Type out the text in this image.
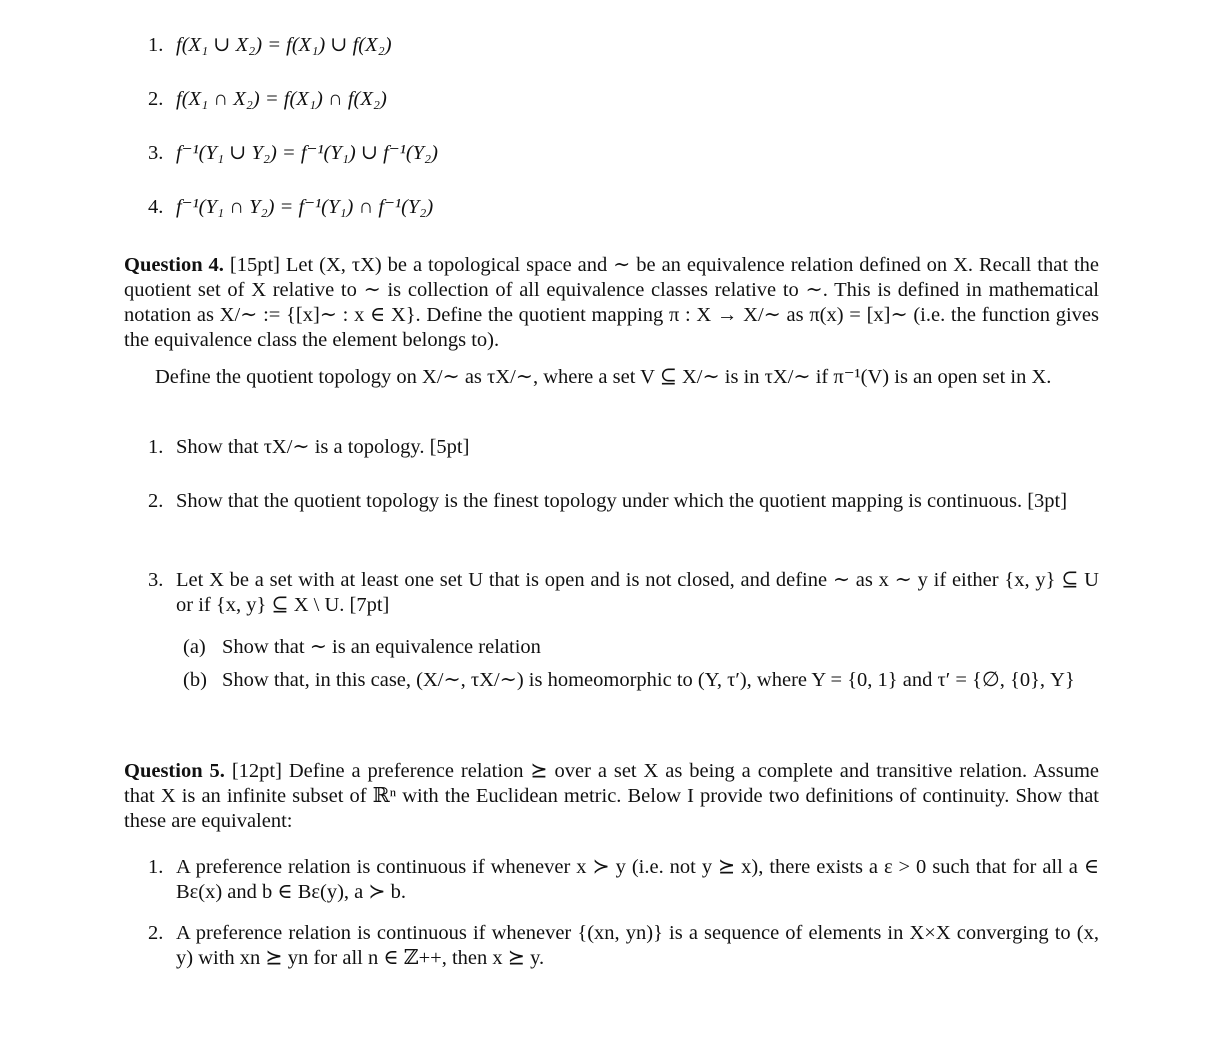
1. f(X₁ ∪ X₂) = f(X₁) ∪ f(X₂)
2. f(X₁ ∩ X₂) = f(X₁) ∩ f(X₂)
3. f⁻¹(Y₁ ∪ Y₂) = f⁻¹(Y₁) ∪ f⁻¹(Y₂)
4. f⁻¹(Y₁ ∩ Y₂) = f⁻¹(Y₁) ∩ f⁻¹(Y₂)

Question 4. [15pt] Let (X, τX) be a topological space and ∼ be an equivalence relation defined on X. Recall that the quotient set of X relative to ∼ is collection of all equivalence classes relative to ∼. This is defined in mathematical notation as X/∼ := {[x]∼ : x ∈ X}. Define the quotient mapping π : X → X/∼ as π(x) = [x]∼ (i.e. the function gives the equivalence class the element belongs to).

Define the quotient topology on X/∼ as τX/∼, where a set V ⊆ X/∼ is in τX/∼ if π⁻¹(V) is an open set in X.

1. Show that τX/∼ is a topology. [5pt]
2. Show that the quotient topology is the finest topology under which the quotient mapping is continuous. [3pt]
3. Let X be a set with at least one set U that is open and is not closed, and define ∼ as x ∼ y if either {x, y} ⊆ U or if {x, y} ⊆ X \ U. [7pt]
(a) Show that ∼ is an equivalence relation
(b) Show that, in this case, (X/∼, τX/∼) is homeomorphic to (Y, τ′), where Y = {0, 1} and τ′ = {∅, {0}, Y}

Question 5. [12pt] Define a preference relation ⪰ over a set X as being a complete and transitive relation. Assume that X is an infinite subset of ℝⁿ with the Euclidean metric. Below I provide two definitions of continuity. Show that these are equivalent:

1. A preference relation is continuous if whenever x ≻ y (i.e. not y ⪰ x), there exists a ε > 0 such that for all a ∈ Bε(x) and b ∈ Bε(y), a ≻ b.
2. A preference relation is continuous if whenever {(xn, yn)} is a sequence of elements in X×X converging to (x, y) with xn ⪰ yn for all n ∈ ℤ++, then x ⪰ y.
